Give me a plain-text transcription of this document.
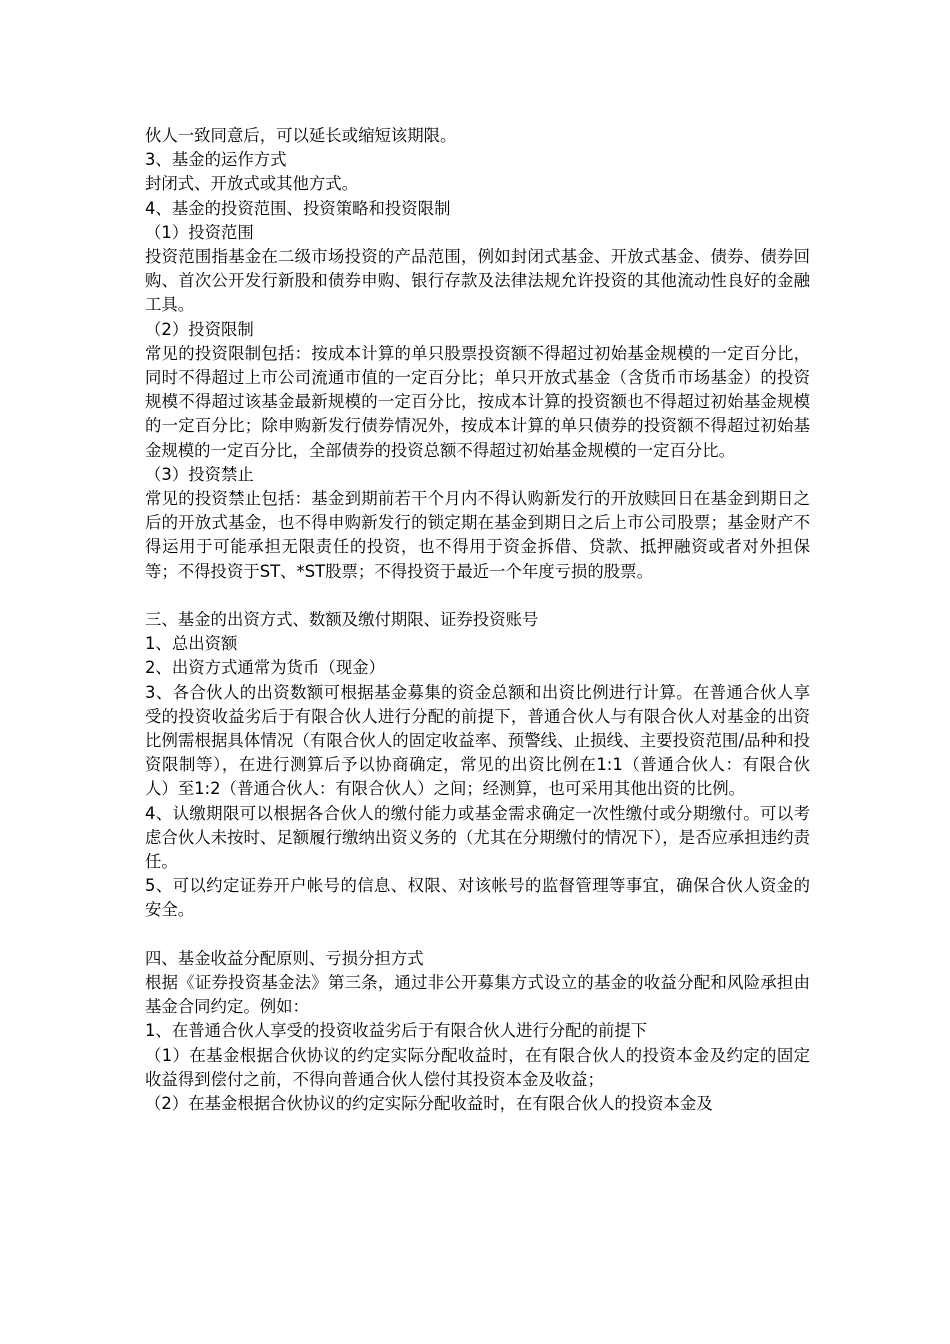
伙人一致同意后，可以延长或缩短该期限。

3、基金的运作方式

封闭式、开放式或其他方式。

4、基金的投资范围、投资策略和投资限制

（1）投资范围

投资范围指基金在二级市场投资的产品范围，例如封闭式基金、开放式基金、债券、债券回购、首次公开发行新股和债券申购、银行存款及法律法规允许投资的其他流动性良好的金融工具。

（2）投资限制

常见的投资限制包括：按成本计算的单只股票投资额不得超过初始基金规模的一定百分比，同时不得超过上市公司流通市值的一定百分比；单只开放式基金（含货币市场基金）的投资规模不得超过该基金最新规模的一定百分比，按成本计算的投资额也不得超过初始基金规模的一定百分比；除申购新发行债券情况外，按成本计算的单只债券的投资额不得超过初始基金规模的一定百分比，全部债券的投资总额不得超过初始基金规模的一定百分比。

（3）投资禁止

常见的投资禁止包括：基金到期前若干个月内不得认购新发行的开放赎回日在基金到期日之后的开放式基金，也不得申购新发行的锁定期在基金到期日之后上市公司股票；基金财产不得运用于可能承担无限责任的投资，也不得用于资金拆借、贷款、抵押融资或者对外担保等；不得投资于ST、*ST股票；不得投资于最近一个年度亏损的股票。

三、基金的出资方式、数额及缴付期限、证券投资账号

1、总出资额

2、出资方式通常为货币（现金）

3、各合伙人的出资数额可根据基金募集的资金总额和出资比例进行计算。在普通合伙人享受的投资收益劣后于有限合伙人进行分配的前提下，普通合伙人与有限合伙人对基金的出资比例需根据具体情况（有限合伙人的固定收益率、预警线、止损线、主要投资范围/品种和投资限制等），在进行测算后予以协商确定，常见的出资比例在1:1（普通合伙人：有限合伙人）至1:2（普通合伙人：有限合伙人）之间；经测算，也可采用其他出资的比例。

4、认缴期限可以根据各合伙人的缴付能力或基金需求确定一次性缴付或分期缴付。可以考虑合伙人未按时、足额履行缴纳出资义务的（尤其在分期缴付的情况下），是否应承担违约责任。

5、可以约定证券开户帐号的信息、权限、对该帐号的监督管理等事宜，确保合伙人资金的安全。

四、基金收益分配原则、亏损分担方式

根据《证券投资基金法》第三条，通过非公开募集方式设立的基金的收益分配和风险承担由基金合同约定。例如：

1、在普通合伙人享受的投资收益劣后于有限合伙人进行分配的前提下

（1）在基金根据合伙协议的约定实际分配收益时，在有限合伙人的投资本金及约定的固定收益得到偿付之前，不得向普通合伙人偿付其投资本金及收益；

（2）在基金根据合伙协议的约定实际分配收益时，在有限合伙人的投资本金及
